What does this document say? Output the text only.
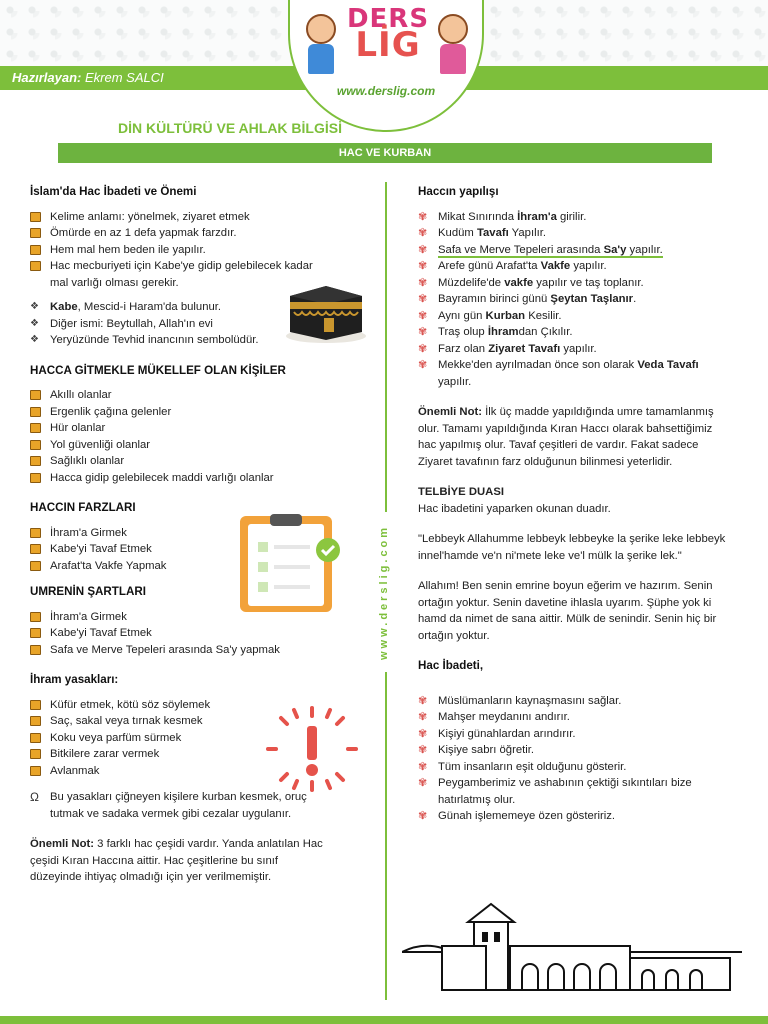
Hazırlayan: Ekrem SALCI
DERS
LİG
www.derslig.com
DİN KÜLTÜRÜ VE AHLAK BİLGİSİ
HAC VE KURBAN
www.derslig.com
İslam'da Hac İbadeti ve Önemi
Kelime anlamı: yönelmek, ziyaret etmek
Ömürde en az 1 defa yapmak farzdır.
Hem mal hem beden ile yapılır.
Hac mecburiyeti için Kabe'ye gidip gelebilecek kadar mal varlığı olması gerekir.
❖ Kabe, Mescid-i Haram'da bulunur.
❖ Diğer ismi: Beytullah, Allah'ın evi
❖ Yeryüzünde Tevhid inancının sembolüdür.
HACCA GİTMEKLE MÜKELLEF OLAN KİŞİLER
Akıllı olanlar
Ergenlik çağına gelenler
Hür olanlar
Yol güvenliği olanlar
Sağlıklı olanlar
Hacca gidip gelebilecek maddi varlığı olanlar
HACCIN FARZLARI
İhram'a Girmek
Kabe'yi Tavaf Etmek
Arafat'ta Vakfe Yapmak
UMRENİN ŞARTLARI
İhram'a Girmek
Kabe'yi Tavaf Etmek
Safa ve Merve Tepeleri arasında Sa'y yapmak
İhram yasakları:
Küfür etmek, kötü söz söylemek
Saç, sakal veya tırnak kesmek
Koku veya parfüm sürmek
Bitkilere zarar vermek
Avlanmak
Ω Bu yasakları çiğneyen kişilere kurban kesmek, oruç tutmak ve sadaka vermek gibi cezalar uygulanır.
Önemli Not: 3 farklı hac çeşidi vardır. Yanda anlatılan Hac çeşidi Kıran Haccına aittir. Hac çeşitlerine bu sınıf düzeyinde ihtiyaç olmadığı için yer verilmemiştir.
Haccın yapılışı
✾ Mikat Sınırında İhram'a girilir.
✾ Kudüm Tavafı Yapılır.
✾ Safa ve Merve Tepeleri arasında Sa'y yapılır.
✾ Arefe günü Arafat'ta Vakfe yapılır.
✾ Müzdelife'de vakfe yapılır ve taş toplanır.
✾ Bayramın birinci günü Şeytan Taşlanır.
✾ Aynı gün Kurban Kesilir.
✾ Traş olup İhramdan Çıkılır.
✾ Farz olan Ziyaret Tavafı yapılır.
✾ Mekke'den ayrılmadan önce son olarak Veda Tavafı yapılır.
Önemli Not: İlk üç madde yapıldığında umre tamamlanmış olur. Tamamı yapıldığında Kıran Haccı olarak bahsettiğimiz hac yapılmış olur. Tavaf çeşitleri de vardır. Fakat sadece Ziyaret tavafının farz olduğunun bilinmesi yeterlidir.
TELBİYE DUASI
Hac ibadetini yaparken okunan duadır.
"Lebbeyk Allahumme lebbeyk lebbeyke la şerike leke lebbeyk innel'hamde ve'n ni'mete leke ve'l mülk la şerike lek."
Allahım! Ben senin emrine boyun eğerim ve hazırım. Senin ortağın yoktur. Senin davetine ihlasla uyarım. Şüphe yok ki hamd da nimet de sana aittir. Mülk de senindir. Senin hiç bir ortağın yoktur.
Hac İbadeti,
✾ Müslümanların kaynaşmasını sağlar.
✾ Mahşer meydanını andırır.
✾ Kişiyi günahlardan arındırır.
✾ Kişiye sabrı öğretir.
✾ Tüm insanların eşit olduğunu gösterir.
✾ Peygamberimiz ve ashabının çektiği sıkıntıları bize hatırlatmış olur.
✾ Günah işlememeye özen gösteririz.
